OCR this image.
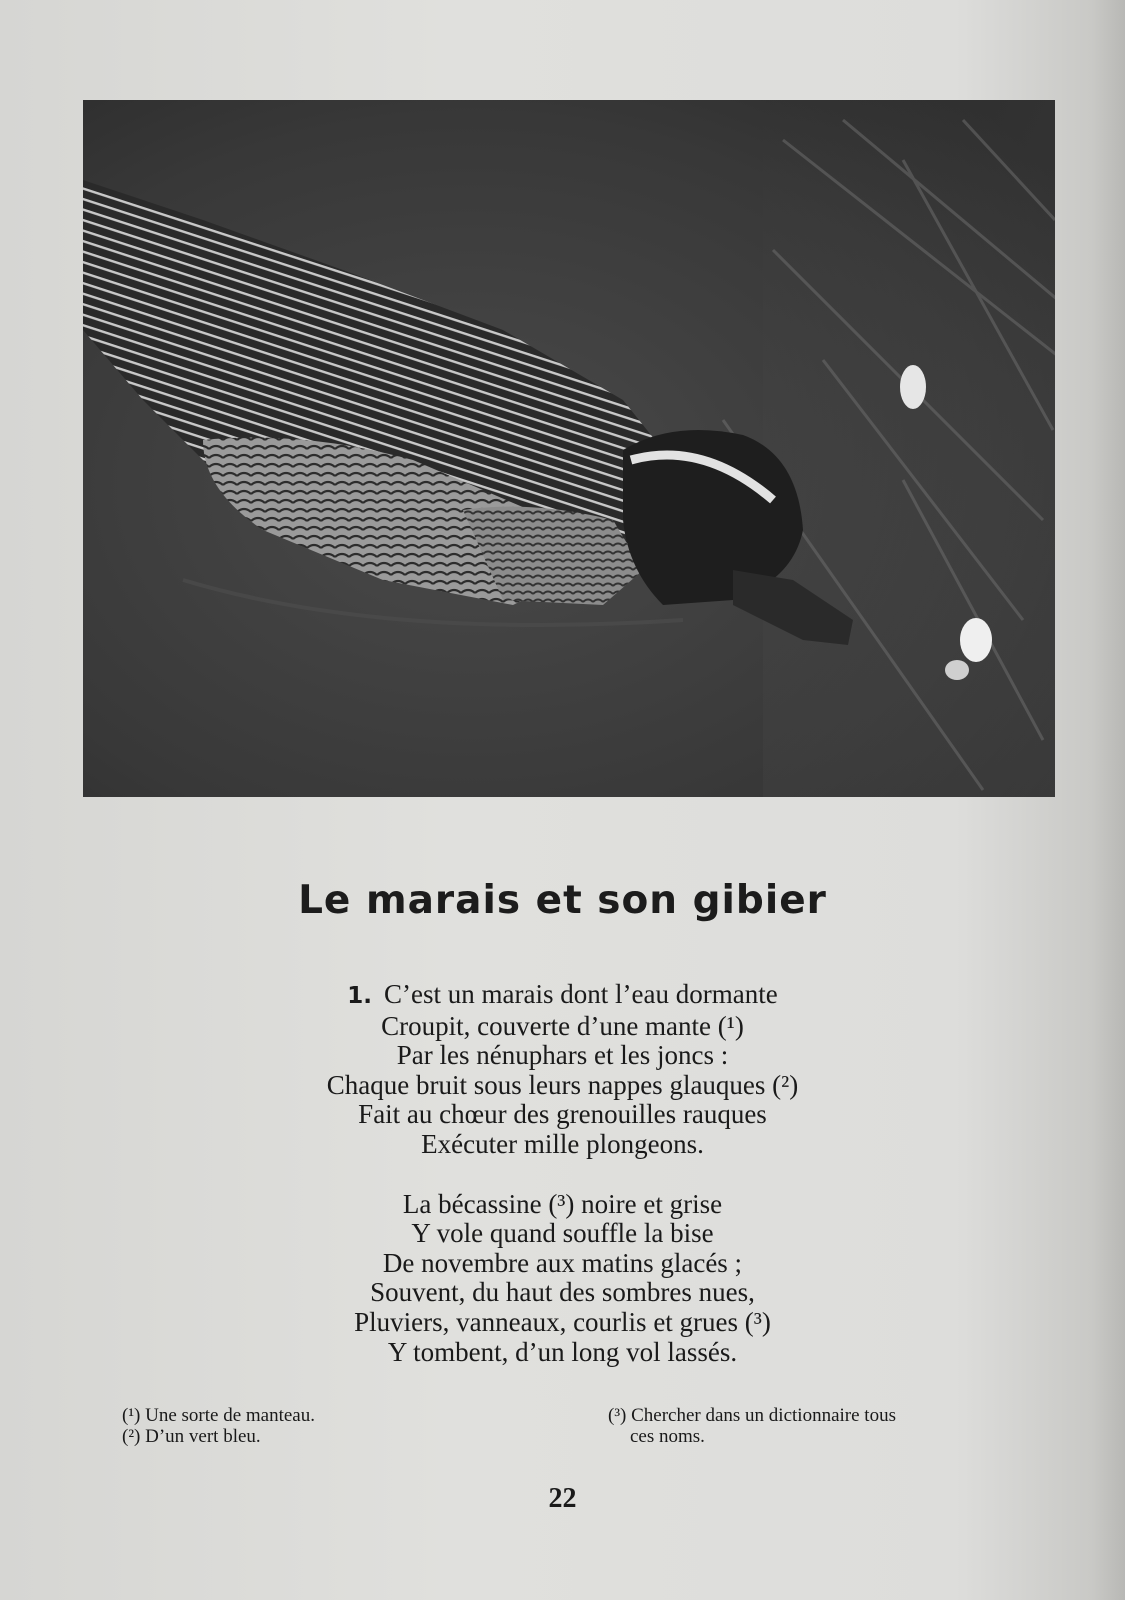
Le marais et son gibier

1. C’est un marais dont l’eau dormante
Croupit, couverte d’une mante (¹)
Par les nénuphars et les joncs :
Chaque bruit sous leurs nappes glauques (²)
Fait au chœur des grenouilles rauques
Exécuter mille plongeons.

La bécassine (³) noire et grise
Y vole quand souffle la bise
De novembre aux matins glacés ;
Souvent, du haut des sombres nues,
Pluviers, vanneaux, courlis et grues (³)
Y tombent, d’un long vol lassés.

(¹) Une sorte de manteau.
(²) D’un vert bleu.
(³) Chercher dans un dictionnaire tous
ces noms.
22
